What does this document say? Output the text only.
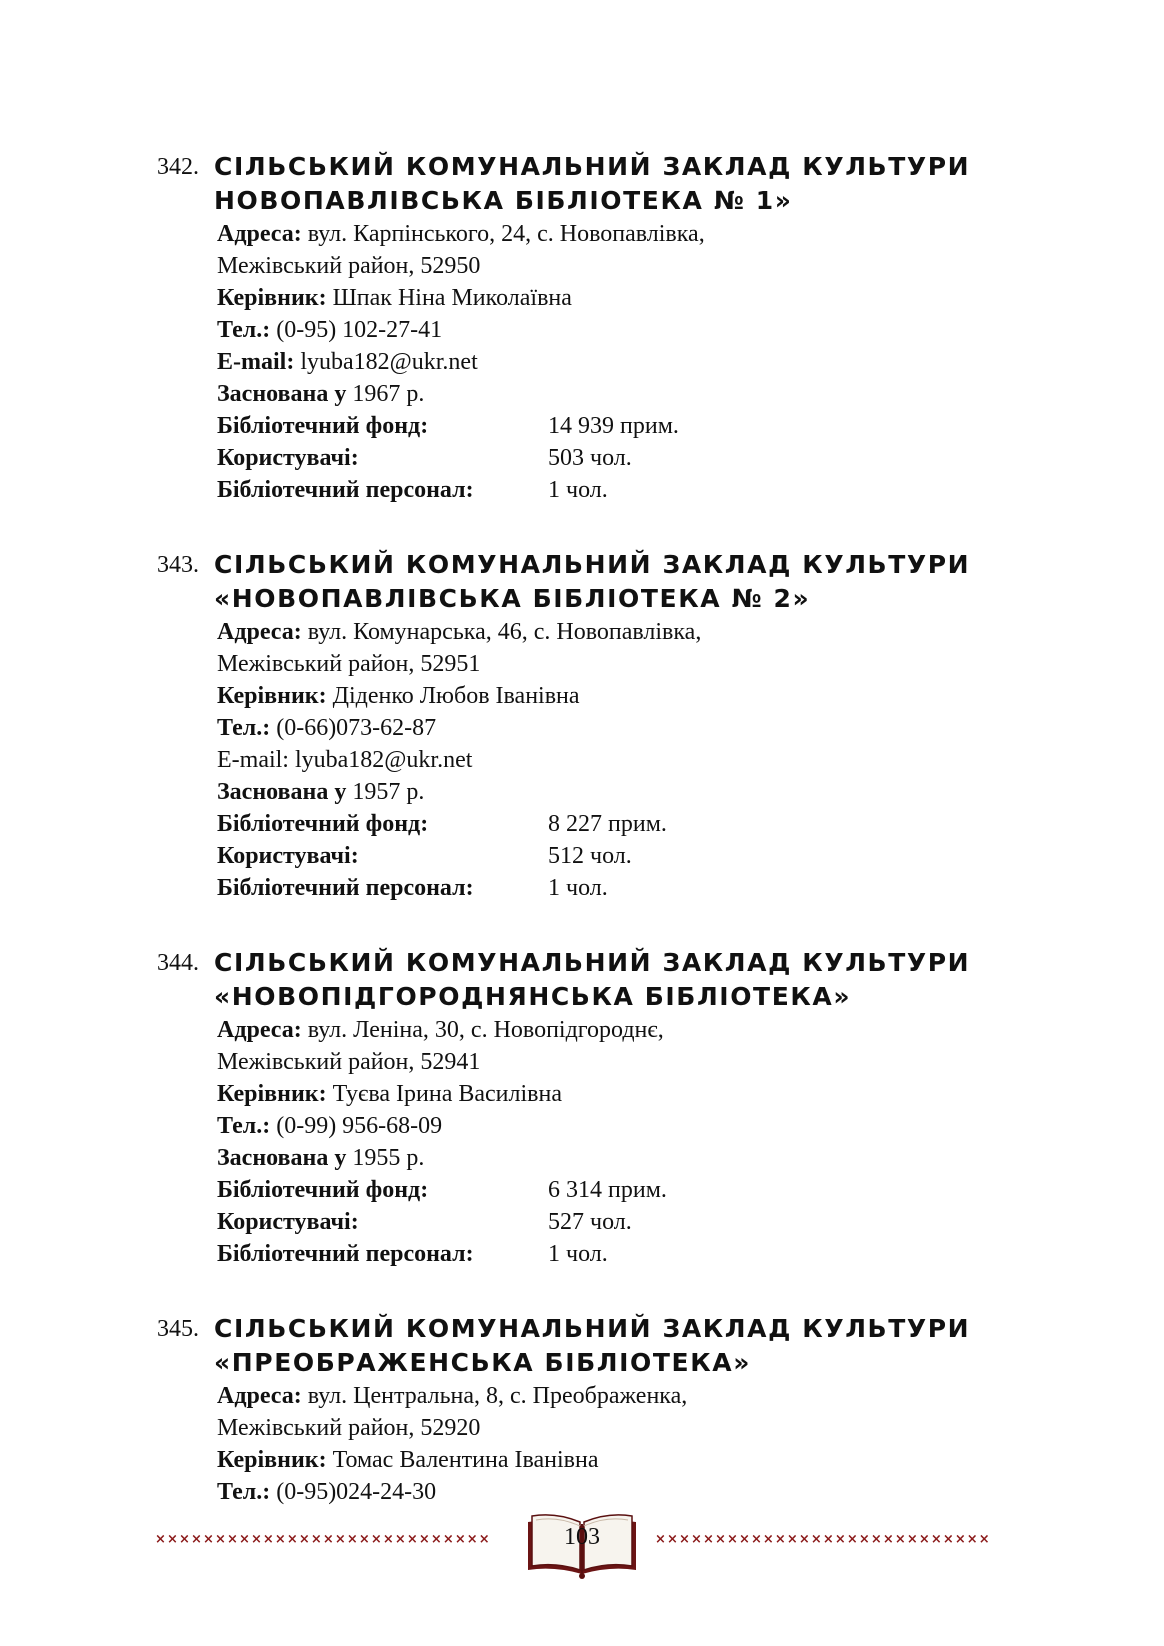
342. СІЛЬСЬКИЙ КОМУНАЛЬНИЙ ЗАКЛАД КУЛЬТУРИ
НОВОПАВЛІВСЬКА БІБЛІОТЕКА № 1»
Адреса: вул. Карпінського, 24, с. Новопавлівка,
Межівський район, 52950
Керівник: Шпак Ніна Миколаївна
Тел.: (0-95) 102-27-41
E-mail: lyuba182@ukr.net
Заснована у 1967 р.
Бібліотечний фонд:	14 939 прим.
Користувачі:	503 чол.
Бібліотечний персонал:	1 чол.
343. СІЛЬСЬКИЙ КОМУНАЛЬНИЙ ЗАКЛАД КУЛЬТУРИ
«НОВОПАВЛІВСЬКА БІБЛІОТЕКА № 2»
Адреса: вул. Комунарська, 46, с. Новопавлівка,
Межівський район, 52951
Керівник: Діденко Любов Іванівна
Тел.: (0-66)073-62-87
E-mail: lyuba182@ukr.net
Заснована у 1957 р.
Бібліотечний фонд:	8 227 прим.
Користувачі:	512 чол.
Бібліотечний персонал:	1 чол.
344. СІЛЬСЬКИЙ КОМУНАЛЬНИЙ ЗАКЛАД КУЛЬТУРИ
«НОВОПІДГОРОДНЯНСЬКА БІБЛІОТЕКА»
Адреса: вул. Леніна, 30, с. Новопідгороднє,
Межівський район, 52941
Керівник: Туєва Ірина Василівна
Тел.: (0-99) 956-68-09
Заснована у 1955 р.
Бібліотечний фонд:	6 314 прим.
Користувачі:	527 чол.
Бібліотечний персонал:	1 чол.
345. СІЛЬСЬКИЙ КОМУНАЛЬНИЙ ЗАКЛАД КУЛЬТУРИ
«ПРЕОБРАЖЕНСЬКА БІБЛІОТЕКА»
Адреса: вул. Центральна, 8, с. Преображенка,
Межівський район, 52920
Керівник: Томас Валентина Іванівна
Тел.: (0-95)024-24-30
××××××××××××××××××××××××××××	103	××××××××××××××××××××××××××××
